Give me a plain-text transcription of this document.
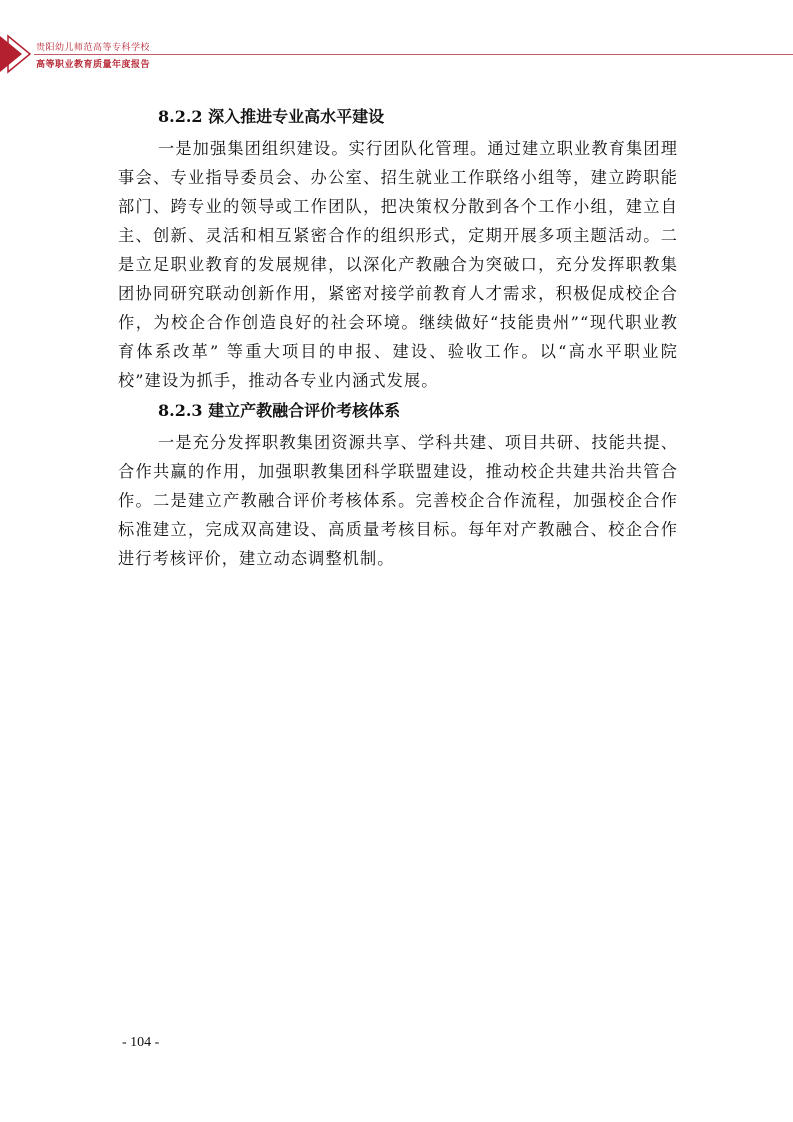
贵阳幼儿师范高等专科学校
高等职业教育质量年度报告
8.2.2 深入推进专业高水平建设

一是加强集团组织建设。实行团队化管理。通过建立职业教育集团理事会、专业指导委员会、办公室、招生就业工作联络小组等，建立跨职能部门、跨专业的领导或工作团队，把决策权分散到各个工作小组，建立自主、创新、灵活和相互紧密合作的组织形式，定期开展多项主题活动。二是立足职业教育的发展规律，以深化产教融合为突破口，充分发挥职教集团协同研究联动创新作用，紧密对接学前教育人才需求，积极促成校企合作，为校企合作创造良好的社会环境。继续做好“技能贵州”“现代职业教育体系改革” 等重大项目的申报、建设、验收工作。以“高水平职业院校”建设为抓手，推动各专业内涵式发展。

8.2.3 建立产教融合评价考核体系

一是充分发挥职教集团资源共享、学科共建、项目共研、技能共提、合作共赢的作用，加强职教集团科学联盟建设，推动校企共建共治共管合作。二是建立产教融合评价考核体系。完善校企合作流程，加强校企合作标准建立，完成双高建设、高质量考核目标。每年对产教融合、校企合作进行考核评价，建立动态调整机制。

- 104 -
